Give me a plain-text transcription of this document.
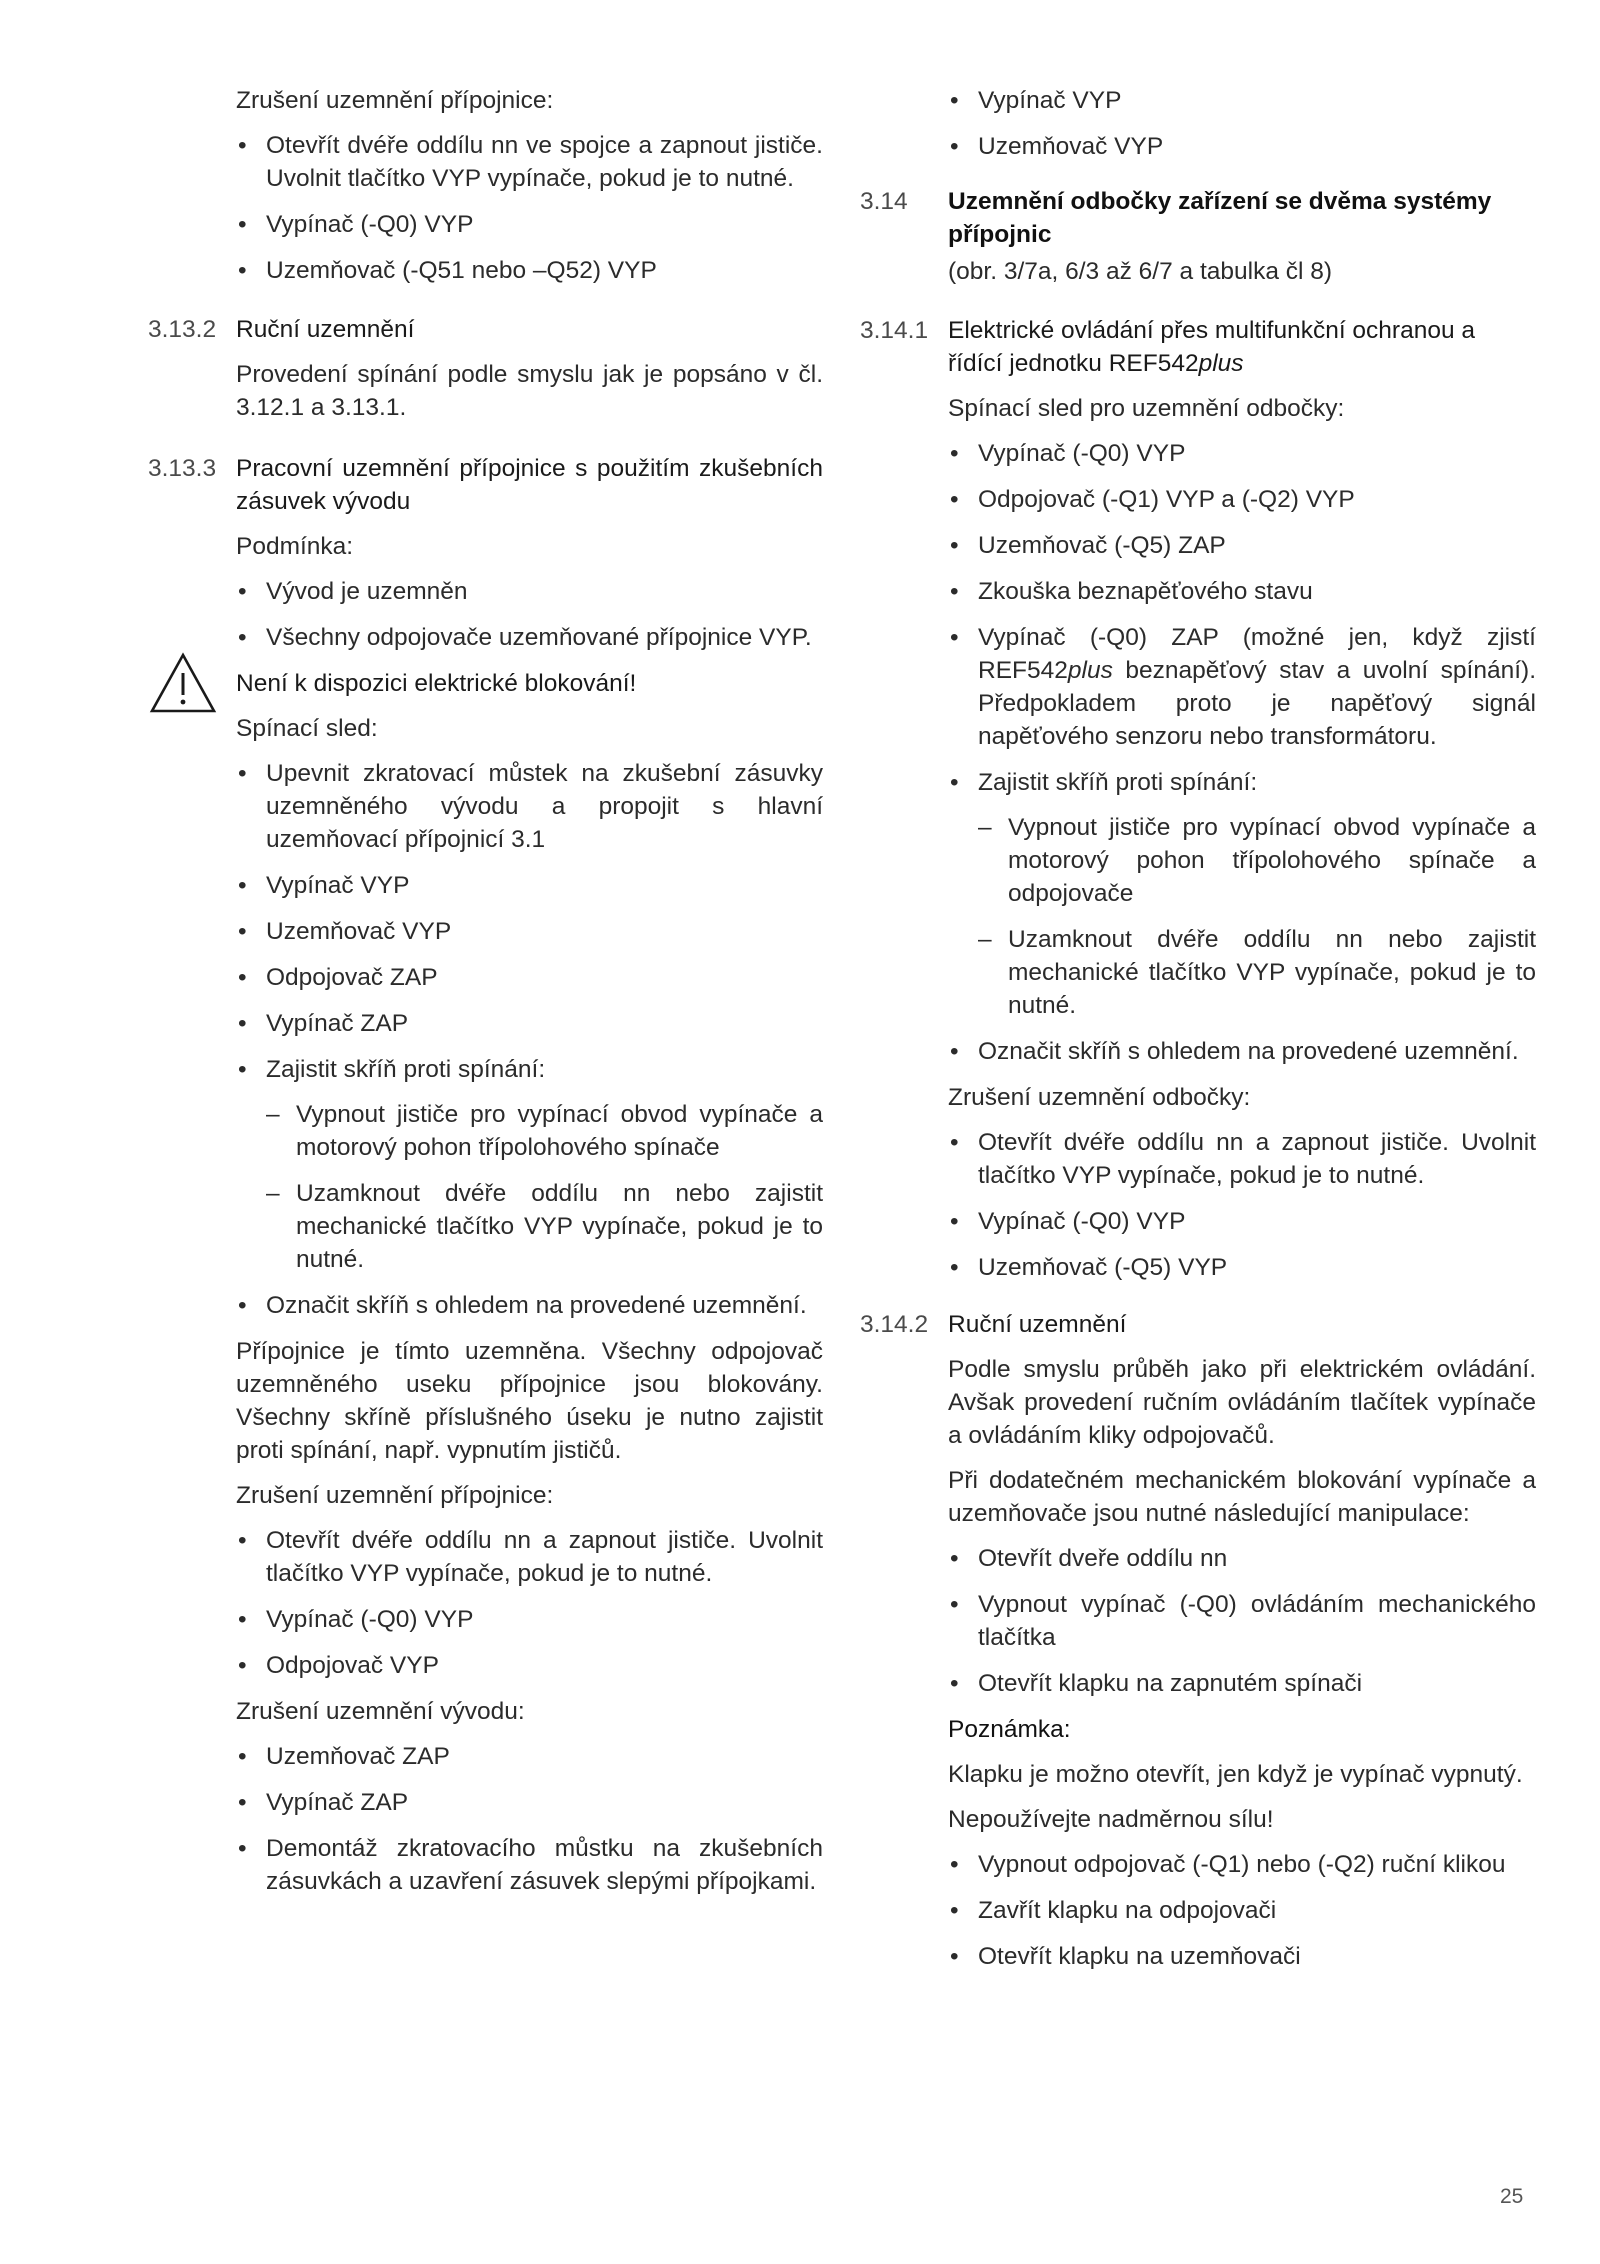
Zrušení uzemnění přípojnice:

• Otevřít dvéře oddílu nn ve spojce a zapnout jističe. Uvolnit tlačítko VYP vypínače, pokud je to nutné.
• Vypínač (-Q0) VYP
• Uzemňovač (-Q51 nebo –Q52) VYP
3.13.2 Ruční uzemnění

Provedení spínání podle smyslu jak je popsáno v čl. 3.12.1 a 3.13.1.

3.13.3 Pracovní uzemnění přípojnice s použitím zkušebních zásuvek vývodu

Podmínka:

• Vývod je uzemněn
• Všechny odpojovače uzemňované přípojnice VYP.
Není k dispozici elektrické blokování!

Spínací sled:

• Upevnit zkratovací můstek na zkušební zásuvky uzemněného vývodu a propojit s hlavní uzemňovací přípojnicí 3.1
• Vypínač VYP
• Uzemňovač VYP
• Odpojovač ZAP
• Vypínač ZAP
• Zajistit skříň proti spínání:
– Vypnout jističe pro vypínací obvod vypínače a motorový pohon třípolohového spínače
– Uzamknout dvéře oddílu nn nebo zajistit mechanické tlačítko VYP vypínače, pokud je to nutné.
• Označit skříň s ohledem na provedené uzemnění.

Přípojnice je tímto uzemněna. Všechny odpojovač uzemněného useku přípojnice jsou blokovány. Všechny skříně příslušného úseku je nutno zajistit proti spínání, např. vypnutím jističů.

Zrušení uzemnění přípojnice:

• Otevřít dvéře oddílu nn a zapnout jističe. Uvolnit tlačítko VYP vypínače, pokud je to nutné.
• Vypínač (-Q0) VYP
• Odpojovač VYP

Zrušení uzemnění vývodu:

• Uzemňovač ZAP
• Vypínač ZAP
• Demontáž zkratovacího můstku na zkušebních zásuvkách a uzavření zásuvek slepými přípojkami.
• Vypínač VYP
• Uzemňovač VYP
3.14 Uzemnění odbočky zařízení se dvěma systémy přípojnic

(obr. 3/7a, 6/3 až 6/7 a tabulka čl 8)

3.14.1 Elektrické ovládání přes multifunkční ochranou a řídící jednotku REF542plus

Spínací sled pro uzemnění odbočky:

• Vypínač (-Q0) VYP
• Odpojovač (-Q1) VYP a (-Q2) VYP
• Uzemňovač (-Q5) ZAP
• Zkouška beznapěťového stavu
• Vypínač (-Q0) ZAP (možné jen, když zjistí REF542plus beznapěťový stav a uvolní spínání). Předpokladem proto je napěťový signál napěťového senzoru nebo transformátoru.
• Zajistit skříň proti spínání:
– Vypnout jističe pro vypínací obvod vypínače a motorový pohon třípolohového spínače a odpojovače
– Uzamknout dvéře oddílu nn nebo zajistit mechanické tlačítko VYP vypínače, pokud je to nutné.
• Označit skříň s ohledem na provedené uzemnění.

Zrušení uzemnění odbočky:

• Otevřít dvéře oddílu nn a zapnout jističe. Uvolnit tlačítko VYP vypínače, pokud je to nutné.
• Vypínač (-Q0) VYP
• Uzemňovač (-Q5) VYP
3.14.2 Ruční uzemnění

Podle smyslu průběh jako při elektrickém ovládání. Avšak provedení ručním ovládáním tlačítek vypínače a ovládáním kliky odpojovačů.

Při dodatečném mechanickém blokování vypínače a uzemňovače jsou nutné následující manipulace:

• Otevřít dveře oddílu nn
• Vypnout vypínač (-Q0) ovládáním mechanického tlačítka
• Otevřít klapku na zapnutém spínači

Poznámka:

Klapku je možno otevřít, jen když je vypínač vypnutý.

Nepoužívejte nadměrnou sílu!

• Vypnout odpojovač (-Q1) nebo (-Q2) ruční klikou
• Zavřít klapku na odpojovači
• Otevřít klapku na uzemňovači
25
